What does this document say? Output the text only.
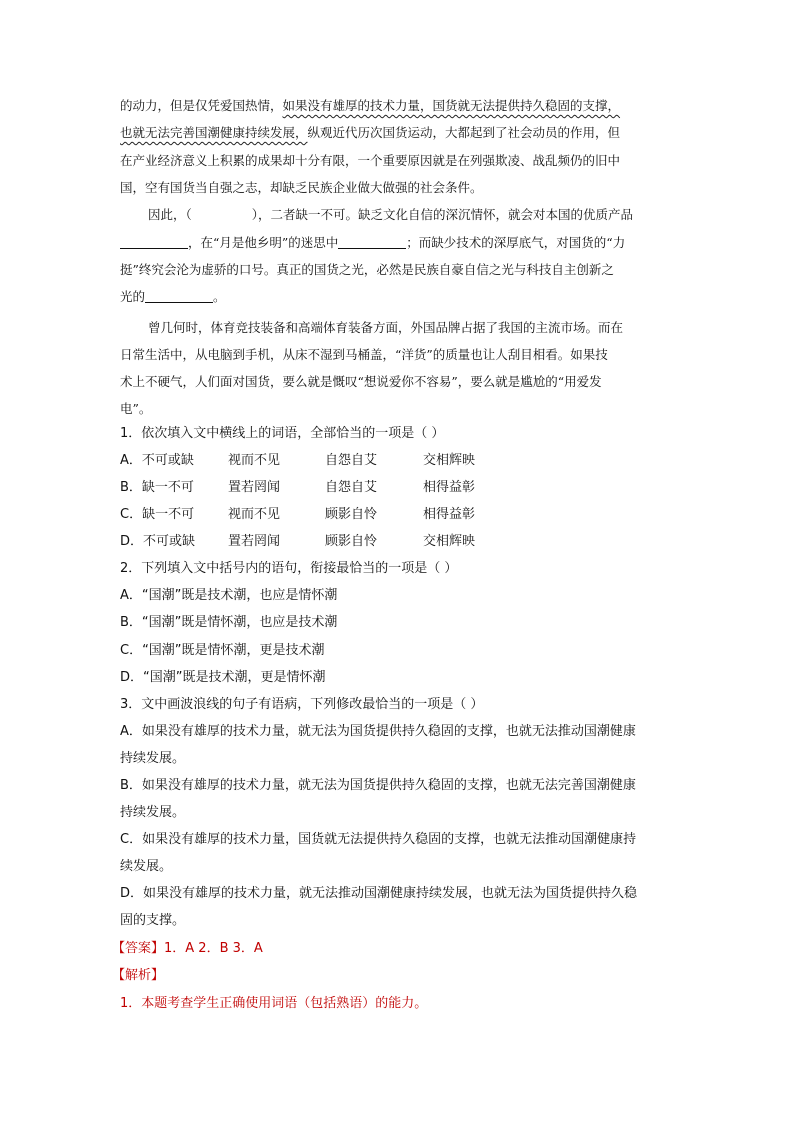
的动力，但是仅凭爱国热情，如果没有雄厚的技术力量，国货就无法提供持久稳固的支撑，

也就无法完善国潮健康持续发展，纵观近代历次国货运动，大都起到了社会动员的作用，但

在产业经济意义上积累的成果却十分有限，一个重要原因就是在列强欺凌、战乱频仍的旧中

国，空有国货当自强之志，却缺乏民族企业做大做强的社会条件。

因此，（	），二者缺一不可。缺乏文化自信的深沉情怀，就会对本国的优质产品

，在“月是他乡明”的迷思中	；而缺少技术的深厚底气，对国货的“力

挺”终究会沦为虚骄的口号。真正的国货之光，必然是民族自豪自信之光与科技自主创新之

光的	。

曾几何时，体育竞技装备和高端体育装备方面，外国品牌占据了我国的主流市场。而在

日常生活中，从电脑到手机，从床不湿到马桶盖，“洋货”的质量也让人刮目相看。如果技

术上不硬气，人们面对国货，要么就是慨叹“想说爱你不容易”，要么就是尴尬的“用爱发

电”。

1．依次填入文中横线上的词语，全部恰当的一项是（ ）

A．不可或缺	视而不见	自怨自艾	交相辉映

B．缺一不可	置若罔闻	自怨自艾	相得益彰

C．缺一不可	视而不见	顾影自怜	相得益彰

D．不可或缺	置若罔闻	顾影自怜	交相辉映

2．下列填入文中括号内的语句，衔接最恰当的一项是（ ）

A．“国潮”既是技术潮，也应是情怀潮

B．“国潮”既是情怀潮，也应是技术潮

C．“国潮”既是情怀潮，更是技术潮

D．“国潮”既是技术潮，更是情怀潮

3．文中画波浪线的句子有语病，下列修改最恰当的一项是（ ）

A．如果没有雄厚的技术力量，就无法为国货提供持久稳固的支撑，也就无法推动国潮健康

持续发展。

B．如果没有雄厚的技术力量，就无法为国货提供持久稳固的支撑，也就无法完善国潮健康

持续发展。

C．如果没有雄厚的技术力量，国货就无法提供持久稳固的支撑，也就无法推动国潮健康持

续发展。

D．如果没有雄厚的技术力量，就无法推动国潮健康持续发展，也就无法为国货提供持久稳

固的支撑。

【答案】1．A 2．B 3．A

【解析】

1．本题考查学生正确使用词语（包括熟语）的能力。
